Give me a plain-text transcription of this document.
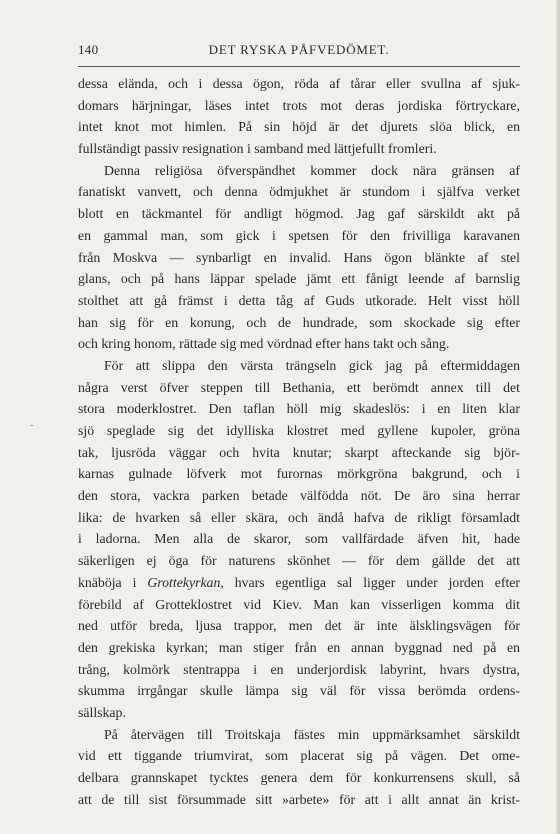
140	DET RYSKA PÅFVEDÖMET.
-
dessa elända, och i dessa ögon, röda af tårar eller svullna af sjuk-
domars härjningar, läses intet trots mot deras jordiska förtryckare,
intet knot mot himlen. På sin höjd är det djurets slöa blick, en
fullständigt passiv resignation i samband med lättjefullt fromleri.
Denna religiösa öfverspändhet kommer dock nära gränsen af
fanatiskt vanvett, och denna ödmjukhet är stundom i själfva verket
blott en täckmantel för andligt högmod. Jag gaf särskildt akt på
en gammal man, som gick i spetsen för den frivilliga karavanen
från Moskva — synbarligt en invalid. Hans ögon blänkte af stel
glans, och på hans läppar spelade jämt ett fånigt leende af barnslig
stolthet att gå främst i detta tåg af Guds utkorade. Helt visst höll
han sig för en konung, och de hundrade, som skockade sig efter
och kring honom, rättade sig med vördnad efter hans takt och sång.
För att slippa den värsta trängseln gick jag på eftermiddagen
några verst öfver steppen till Bethania, ett berömdt annex till det
stora moderklostret. Den taflan höll mig skadeslös: i en liten klar
sjö speglade sig det idylliska klostret med gyllene kupoler, gröna
tak, ljusröda väggar och hvita knutar; skarpt afteckande sig björ-
karnas gulnade löfverk mot furornas mörkgröna bakgrund, och i
den stora, vackra parken betade välfödda nöt. De äro sina herrar
lika: de hvarken så eller skära, och ändå hafva de rikligt församladt
i ladorna. Men alla de skaror, som vallfärdade äfven hit, hade
säkerligen ej öga för naturens skönhet — för dem gällde det att
knäböja i Grottekyrkan, hvars egentliga sal ligger under jorden efter
förebild af Grotteklostret vid Kiev. Man kan visserligen komma dit
ned utför breda, ljusa trappor, men det är inte älsklingsvägen för
den grekiska kyrkan; man stiger från en annan byggnad ned på en
trång, kolmörk stentrappa i en underjordisk labyrint, hvars dystra,
skumma irrgångar skulle lämpa sig väl för vissa berömda ordens-
sällskap.
På återvägen till Troitskaja fästes min uppmärksamhet särskildt
vid ett tiggande triumvirat, som placerat sig på vägen. Det ome-
delbara grannskapet tycktes genera dem för konkurrensens skull, så
att de till sist försummade sitt »arbete» för att i allt annat än krist-
